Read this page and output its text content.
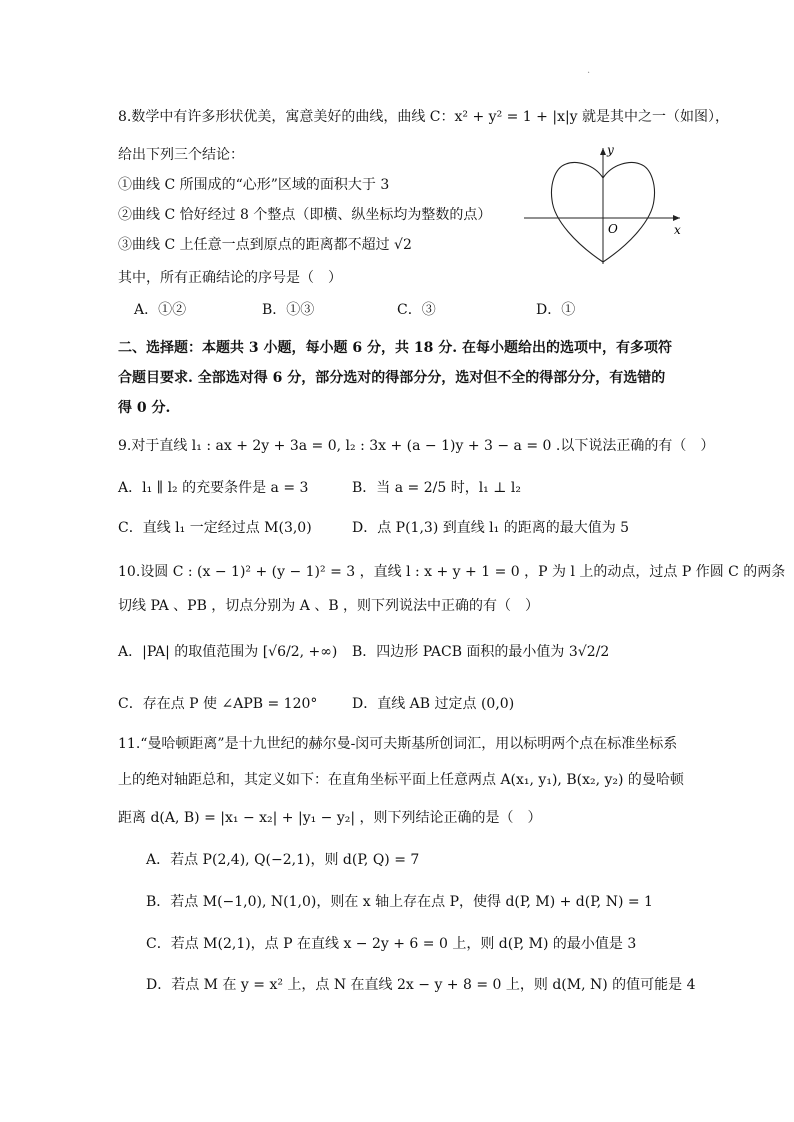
·
8.数学中有许多形状优美，寓意美好的曲线，曲线 C：x² + y² = 1 + |x|y 就是其中之一（如图），
给出下列三个结论：
①曲线 C 所围成的“心形”区域的面积大于 3
②曲线 C 恰好经过 8 个整点（即横、纵坐标均为整数的点）
③曲线 C 上任意一点到原点的距离都不超过 √2
其中，所有正确结论的序号是（　）
A．①②	B．①③	C．③	D．①
y
x
O
二、选择题：本题共 3 小题，每小题 6 分，共 18 分. 在每小题给出的选项中，有多项符
合题目要求. 全部选对得 6 分，部分选对的得部分分，选对但不全的得部分分，有选错的
得 0 分.
9.对于直线 l₁ : ax + 2y + 3a = 0, l₂ : 3x + (a − 1)y + 3 − a = 0 .以下说法正确的有（　）
A．l₁ ∥ l₂ 的充要条件是 a = 3	B．当 a = 2/5 时，l₁ ⊥ l₂
C．直线 l₁ 一定经过点 M(3,0)	D．点 P(1,3) 到直线 l₁ 的距离的最大值为 5
10.设圆 C : (x − 1)² + (y − 1)² = 3 ，直线 l : x + y + 1 = 0 ，P 为 l 上的动点，过点 P 作圆 C 的两条
切线 PA 、PB ，切点分别为 A 、B ，则下列说法中正确的有（　）
A．|PA| 的取值范围为 [√6/2, +∞) B．四边形 PACB 面积的最小值为 3√2/2
C．存在点 P 使 ∠APB = 120° D．直线 AB 过定点 (0,0)
11.“曼哈顿距离”是十九世纪的赫尔曼-闵可夫斯基所创词汇，用以标明两个点在标准坐标系
上的绝对轴距总和，其定义如下：在直角坐标平面上任意两点 A(x₁, y₁), B(x₂, y₂) 的曼哈顿
距离 d(A, B) = |x₁ − x₂| + |y₁ − y₂| ，则下列结论正确的是（　）
A．若点 P(2,4), Q(−2,1)，则 d(P, Q) = 7
B．若点 M(−1,0), N(1,0)，则在 x 轴上存在点 P，使得 d(P, M) + d(P, N) = 1
C．若点 M(2,1)，点 P 在直线 x − 2y + 6 = 0 上，则 d(P, M) 的最小值是 3
D．若点 M 在 y = x² 上，点 N 在直线 2x − y + 8 = 0 上，则 d(M, N) 的值可能是 4
